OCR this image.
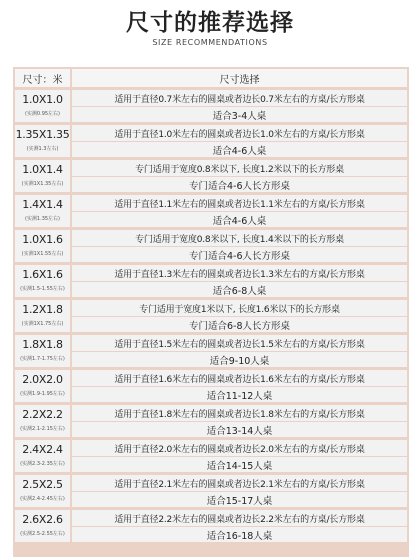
尺寸的推荐选择
SIZE RECOMMENDATIONS
尺寸：米	尺寸选择
1.0X1.0
(实测0.95左右)
适用于直径0.7米左右的圆桌或者边长0.7米左右的方桌/长方形桌
适合3-4人桌
1.35X1.35
(实测1.3左右)
适用于直径1.0米左右的圆桌或者边长1.0米左右的方桌/长方形桌
适合4-6人桌
1.0X1.4
(实测1X1.35左右)
专门适用于宽度0.8米以下, 长度1.2米以下的长方形桌
专门适合4-6人长方形桌
1.4X1.4
(实测1.35左右)
适用于直径1.1米左右的圆桌或者边长1.1米左右的方桌/长方形桌
适合4-6人桌
1.0X1.6
(实测1X1.55左右)
专门适用于宽度0.8米以下, 长度1.4米以下的长方形桌
专门适合4-6人长方形桌
1.6X1.6
(实测1.5-1.55左右)
适用于直径1.3米左右的圆桌或者边长1.3米左右的方桌/长方形桌
适合6-8人桌
1.2X1.8
(实测1X1.75左右)
专门适用于宽度1米以下, 长度1.6米以下的长方形桌
专门适合6-8人长方形桌
1.8X1.8
(实测1.7-1.75左右)
适用于直径1.5米左右的圆桌或者边长1.5米左右的方桌/长方形桌
适合9-10人桌
2.0X2.0
(实测1.9-1.95左右)
适用于直径1.6米左右的圆桌或者边长1.6米左右的方桌/长方形桌
适合11-12人桌
2.2X2.2
(实测2.1-2.15左右)
适用于直径1.8米左右的圆桌或者边长1.8米左右的方桌/长方形桌
适合13-14人桌
2.4X2.4
(实测2.3-2.35左右)
适用于直径2.0米左右的圆桌或者边长2.0米左右的方桌/长方形桌
适合14-15人桌
2.5X2.5
(实测2.4-2.45左右)
适用于直径2.1米左右的圆桌或者边长2.1米左右的方桌/长方形桌
适合15-17人桌
2.6X2.6
(实测2.5-2.55左右)
适用于直径2.2米左右的圆桌或者边长2.2米左右的方桌/长方形桌
适合16-18人桌
